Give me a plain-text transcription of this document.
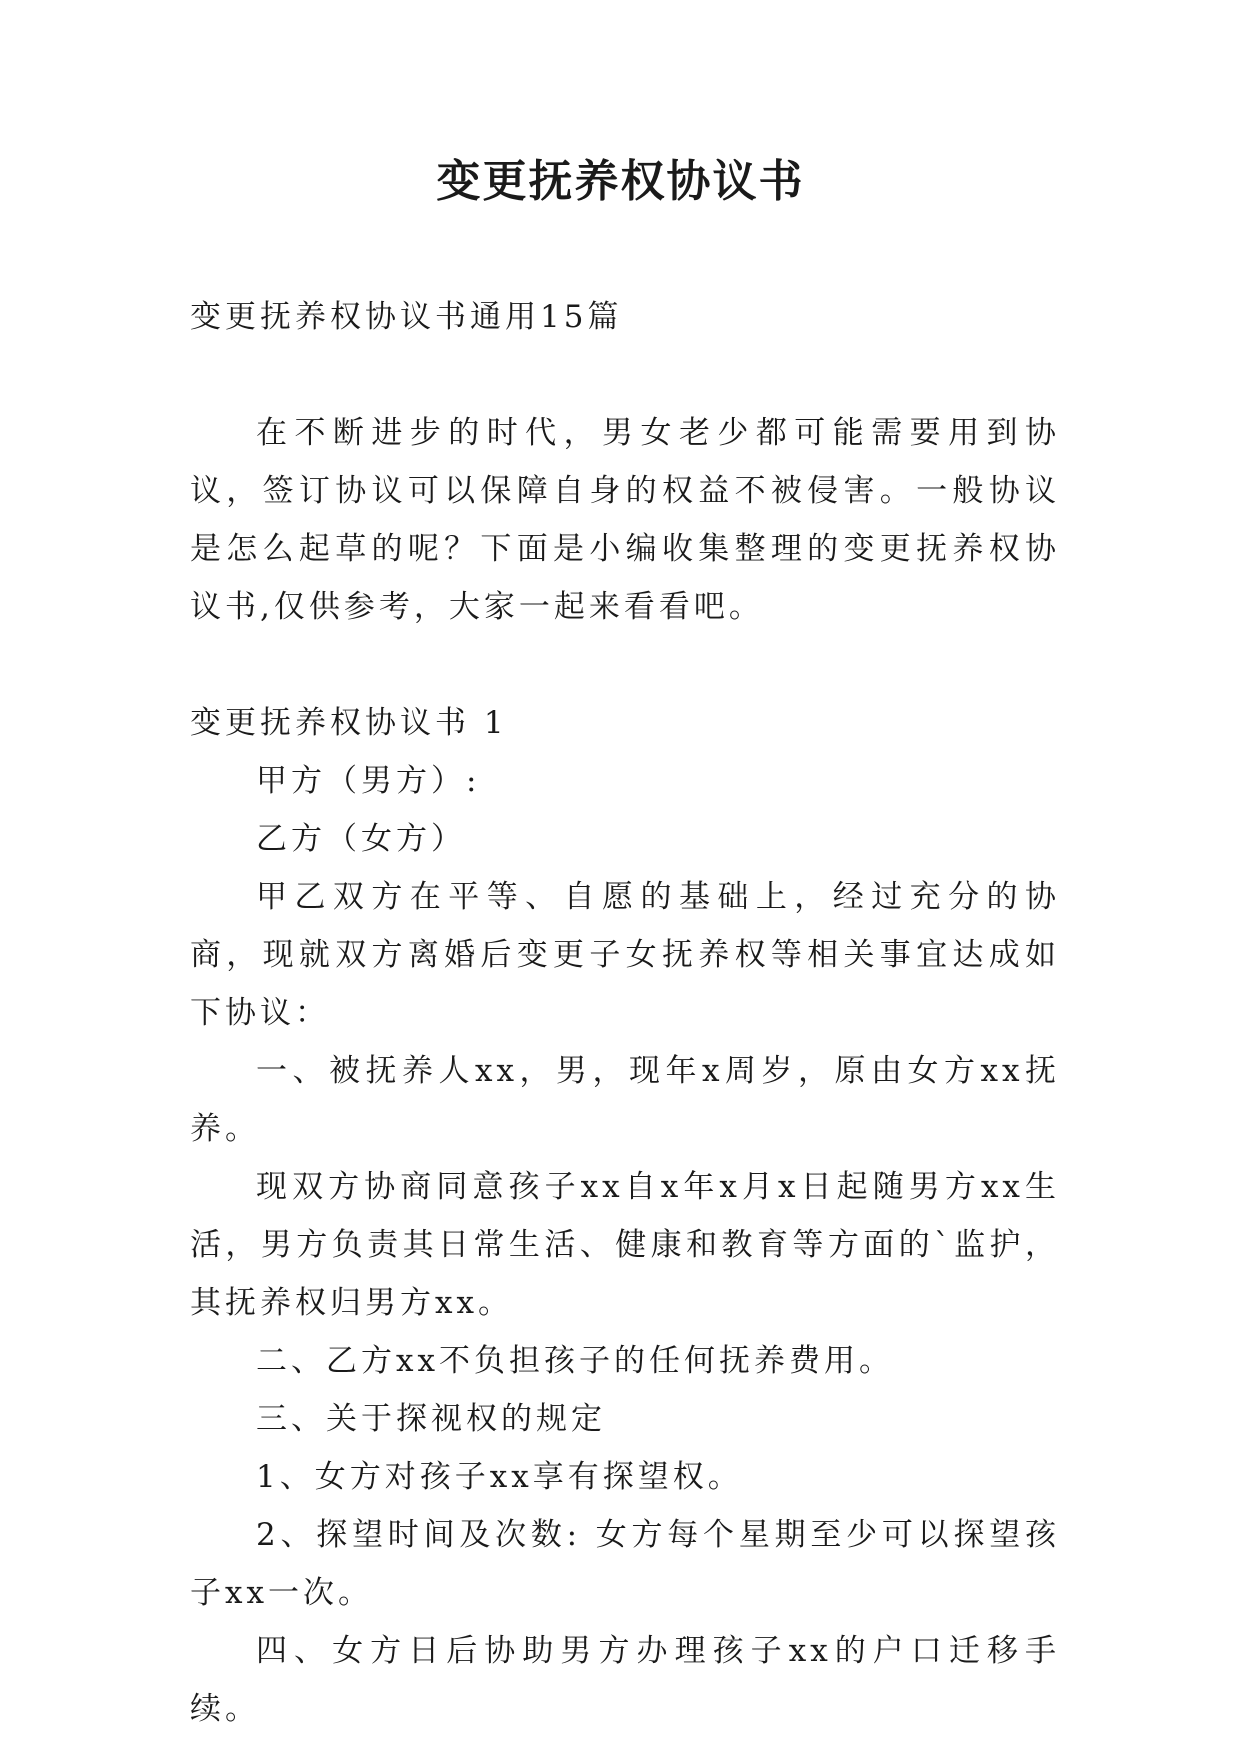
变更抚养权协议书

变更抚养权协议书通用15篇

在不断进步的时代，男女老少都可能需要用到协议，签订协议可以保障自身的权益不被侵害。一般协议是怎么起草的呢？下面是小编收集整理的变更抚养权协议书,仅供参考，大家一起来看看吧。

变更抚养权协议书 1

甲方（男方）:

乙方（女方）

甲乙双方在平等、自愿的基础上，经过充分的协商，现就双方离婚后变更子女抚养权等相关事宜达成如下协议：

一、被抚养人xx，男，现年x周岁，原由女方xx抚养。

现双方协商同意孩子xx自x年x月x日起随男方xx生活，男方负责其日常生活、健康和教育等方面的`监护，其抚养权归男方xx。

二、乙方xx不负担孩子的任何抚养费用。

三、关于探视权的规定

1、女方对孩子xx享有探望权。

2、探望时间及次数: 女方每个星期至少可以探望孩子xx一次。

四、女方日后协助男方办理孩子xx的户口迁移手续。
